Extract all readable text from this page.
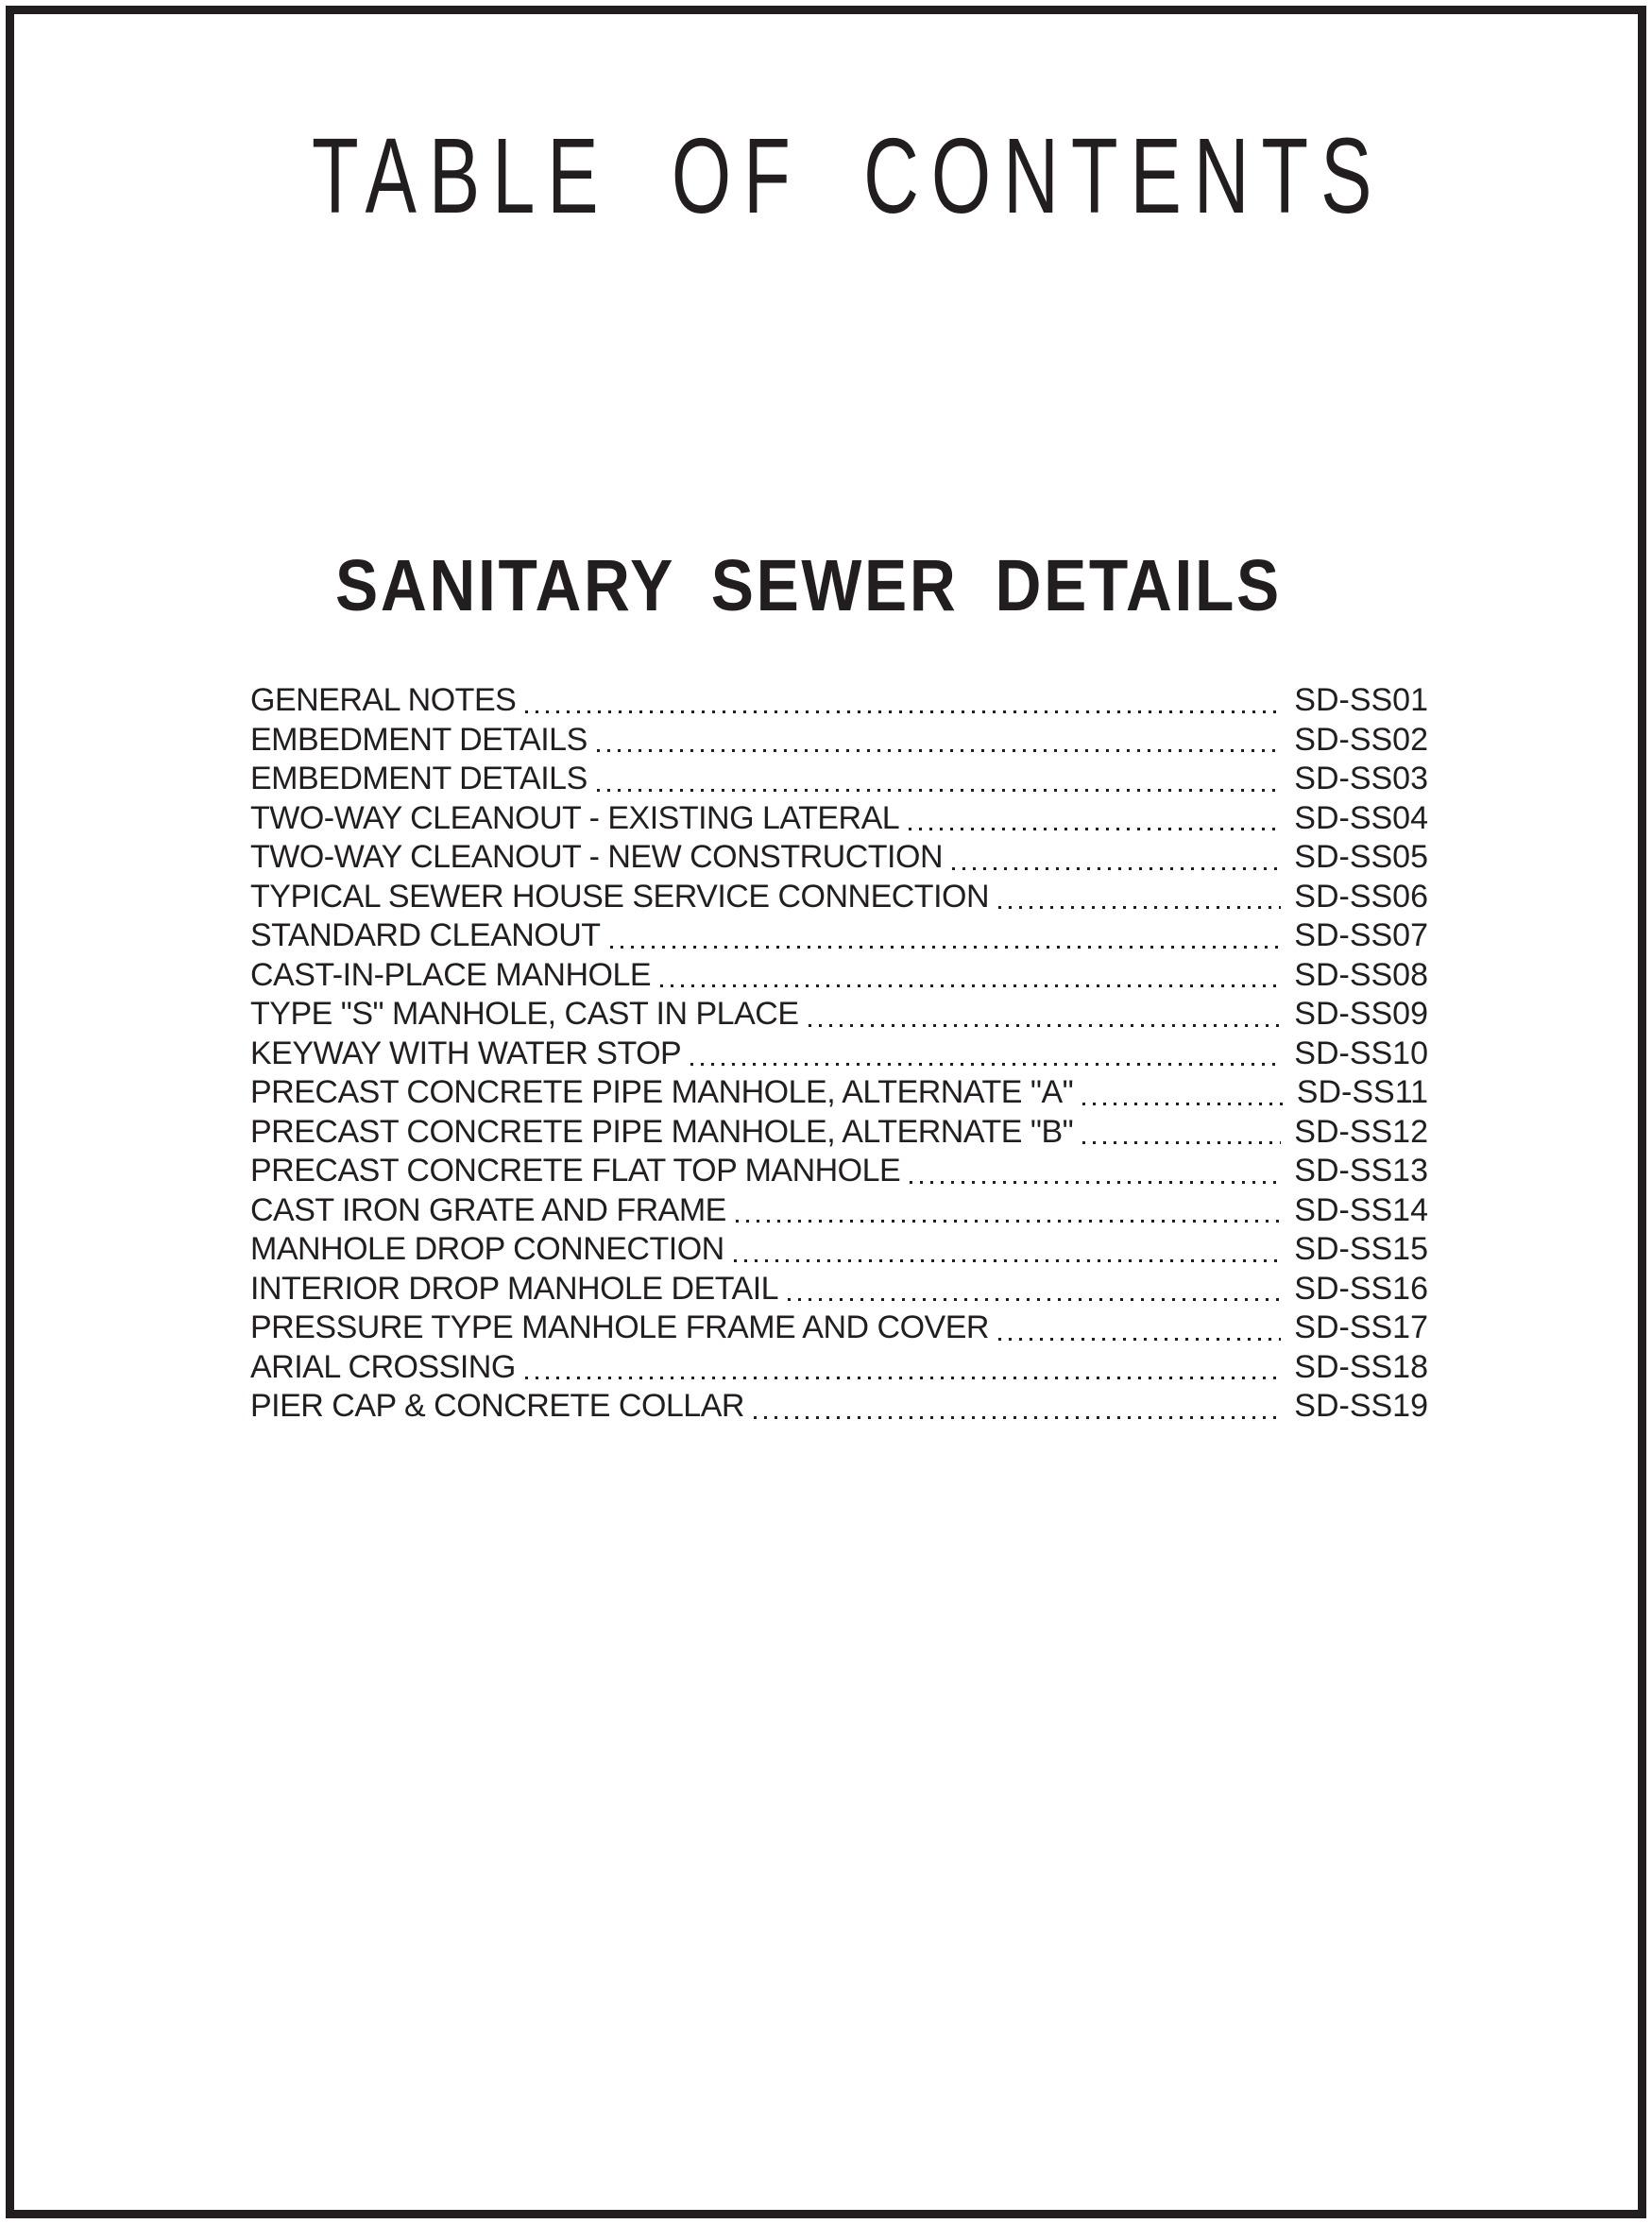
TABLE OF CONTENTS
SANITARY SEWER DETAILS
GENERAL NOTES	SD-SS01
EMBEDMENT DETAILS	SD-SS02
EMBEDMENT DETAILS	SD-SS03
TWO-WAY CLEANOUT - EXISTING LATERAL	SD-SS04
TWO-WAY CLEANOUT - NEW CONSTRUCTION	SD-SS05
TYPICAL SEWER HOUSE SERVICE CONNECTION	SD-SS06
STANDARD CLEANOUT	SD-SS07
CAST-IN-PLACE MANHOLE	SD-SS08
TYPE "S" MANHOLE, CAST IN PLACE	SD-SS09
KEYWAY WITH WATER STOP	SD-SS10
PRECAST CONCRETE PIPE MANHOLE, ALTERNATE "A"	SD-SS11
PRECAST CONCRETE PIPE MANHOLE, ALTERNATE "B"	SD-SS12
PRECAST CONCRETE FLAT TOP MANHOLE	SD-SS13
CAST IRON GRATE AND FRAME	SD-SS14
MANHOLE DROP CONNECTION	SD-SS15
INTERIOR DROP MANHOLE DETAIL	SD-SS16
PRESSURE TYPE MANHOLE FRAME AND COVER	SD-SS17
ARIAL CROSSING	SD-SS18
PIER CAP & CONCRETE COLLAR	SD-SS19
